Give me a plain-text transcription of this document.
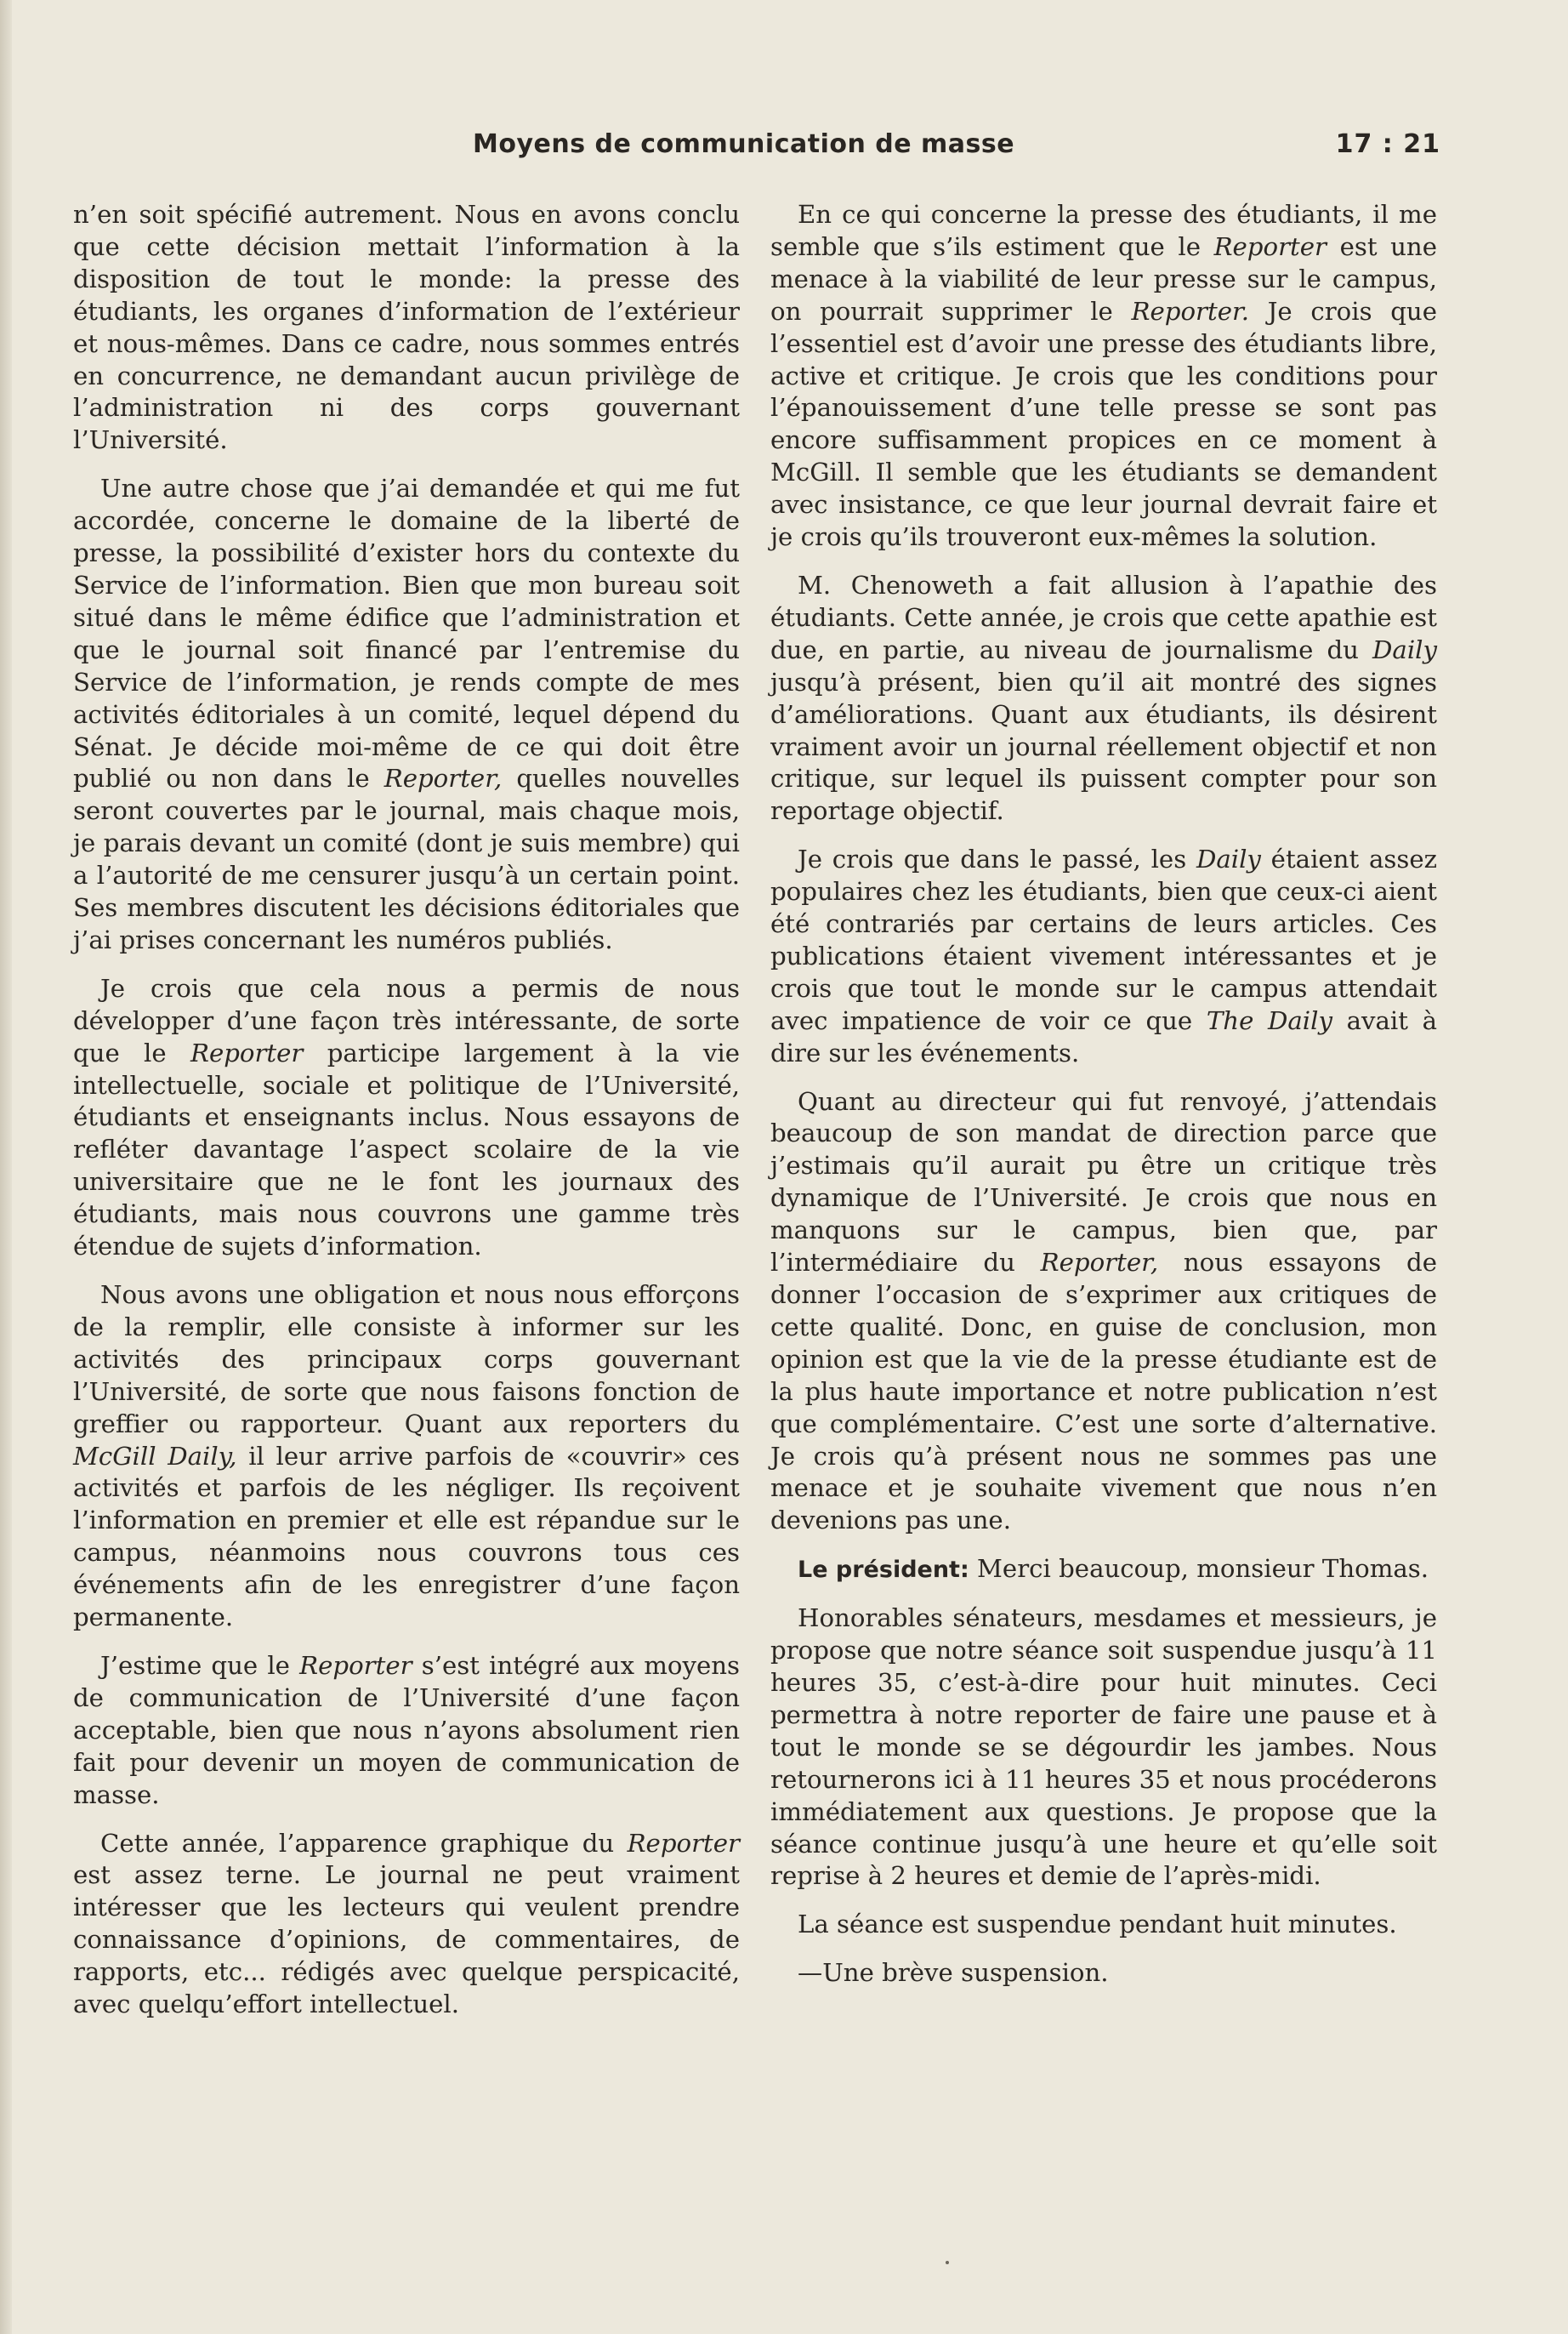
Moyens de communication de masse	17 : 21

n’en soit spécifié autrement. Nous en avons conclu que cette décision mettait l’information à la disposition de tout le monde: la presse des étudiants, les organes d’information de l’extérieur et nous-mêmes. Dans ce cadre, nous sommes entrés en concurrence, ne demandant aucun privilège de l’administration ni des corps gouvernant l’Université.

Une autre chose que j’ai demandée et qui me fut accordée, concerne le domaine de la liberté de presse, la possibilité d’exister hors du contexte du Service de l’information. Bien que mon bureau soit situé dans le même édifice que l’administration et que le journal soit financé par l’entremise du Service de l’information, je rends compte de mes activités éditoriales à un comité, lequel dépend du Sénat. Je décide moi-même de ce qui doit être publié ou non dans le Reporter, quelles nouvelles seront couvertes par le journal, mais chaque mois, je parais devant un comité (dont je suis membre) qui a l’autorité de me censurer jusqu’à un certain point. Ses membres discutent les décisions éditoriales que j’ai prises concernant les numéros publiés.

Je crois que cela nous a permis de nous développer d’une façon très intéressante, de sorte que le Reporter participe largement à la vie intellectuelle, sociale et politique de l’Université, étudiants et enseignants inclus. Nous essayons de refléter davantage l’aspect scolaire de la vie universitaire que ne le font les journaux des étudiants, mais nous couvrons une gamme très étendue de sujets d’information.

Nous avons une obligation et nous nous efforçons de la remplir, elle consiste à informer sur les activités des principaux corps gouvernant l’Université, de sorte que nous faisons fonction de greffier ou rapporteur. Quant aux reporters du McGill Daily, il leur arrive parfois de «couvrir» ces activités et parfois de les négliger. Ils reçoivent l’information en premier et elle est répandue sur le campus, néanmoins nous couvrons tous ces événements afin de les enregistrer d’une façon permanente.

J’estime que le Reporter s’est intégré aux moyens de communication de l’Université d’une façon acceptable, bien que nous n’ayons absolument rien fait pour devenir un moyen de communication de masse.

Cette année, l’apparence graphique du Reporter est assez terne. Le journal ne peut vraiment intéresser que les lecteurs qui veulent prendre connaissance d’opinions, de commentaires, de rapports, etc... rédigés avec quelque perspicacité, avec quelqu’effort intellectuel.

En ce qui concerne la presse des étudiants, il me semble que s’ils estiment que le Reporter est une menace à la viabilité de leur presse sur le campus, on pourrait supprimer le Reporter. Je crois que l’essentiel est d’avoir une presse des étudiants libre, active et critique. Je crois que les conditions pour l’épanouissement d’une telle presse se sont pas encore suffisamment propices en ce moment à McGill. Il semble que les étudiants se demandent avec insistance, ce que leur journal devrait faire et je crois qu’ils trouveront eux-mêmes la solution.

M. Chenoweth a fait allusion à l’apathie des étudiants. Cette année, je crois que cette apathie est due, en partie, au niveau de journalisme du Daily jusqu’à présent, bien qu’il ait montré des signes d’améliorations. Quant aux étudiants, ils désirent vraiment avoir un journal réellement objectif et non critique, sur lequel ils puissent compter pour son reportage objectif.

Je crois que dans le passé, les Daily étaient assez populaires chez les étudiants, bien que ceux-ci aient été contrariés par certains de leurs articles. Ces publications étaient vivement intéressantes et je crois que tout le monde sur le campus attendait avec impatience de voir ce que The Daily avait à dire sur les événements.

Quant au directeur qui fut renvoyé, j’attendais beaucoup de son mandat de direction parce que j’estimais qu’il aurait pu être un critique très dynamique de l’Université. Je crois que nous en manquons sur le campus, bien que, par l’intermédiaire du Reporter, nous essayons de donner l’occasion de s’exprimer aux critiques de cette qualité. Donc, en guise de conclusion, mon opinion est que la vie de la presse étudiante est de la plus haute importance et notre publication n’est que complémentaire. C’est une sorte d’alternative. Je crois qu’à présent nous ne sommes pas une menace et je souhaite vivement que nous n’en devenions pas une.

Le président: Merci beaucoup, monsieur Thomas.

Honorables sénateurs, mesdames et messieurs, je propose que notre séance soit suspendue jusqu’à 11 heures 35, c’est-à-dire pour huit minutes. Ceci permettra à notre reporter de faire une pause et à tout le monde se se dégourdir les jambes. Nous retournerons ici à 11 heures 35 et nous procéderons immédiatement aux questions. Je propose que la séance continue jusqu’à une heure et qu’elle soit reprise à 2 heures et demie de l’après-midi.

La séance est suspendue pendant huit minutes.

—Une brève suspension.
